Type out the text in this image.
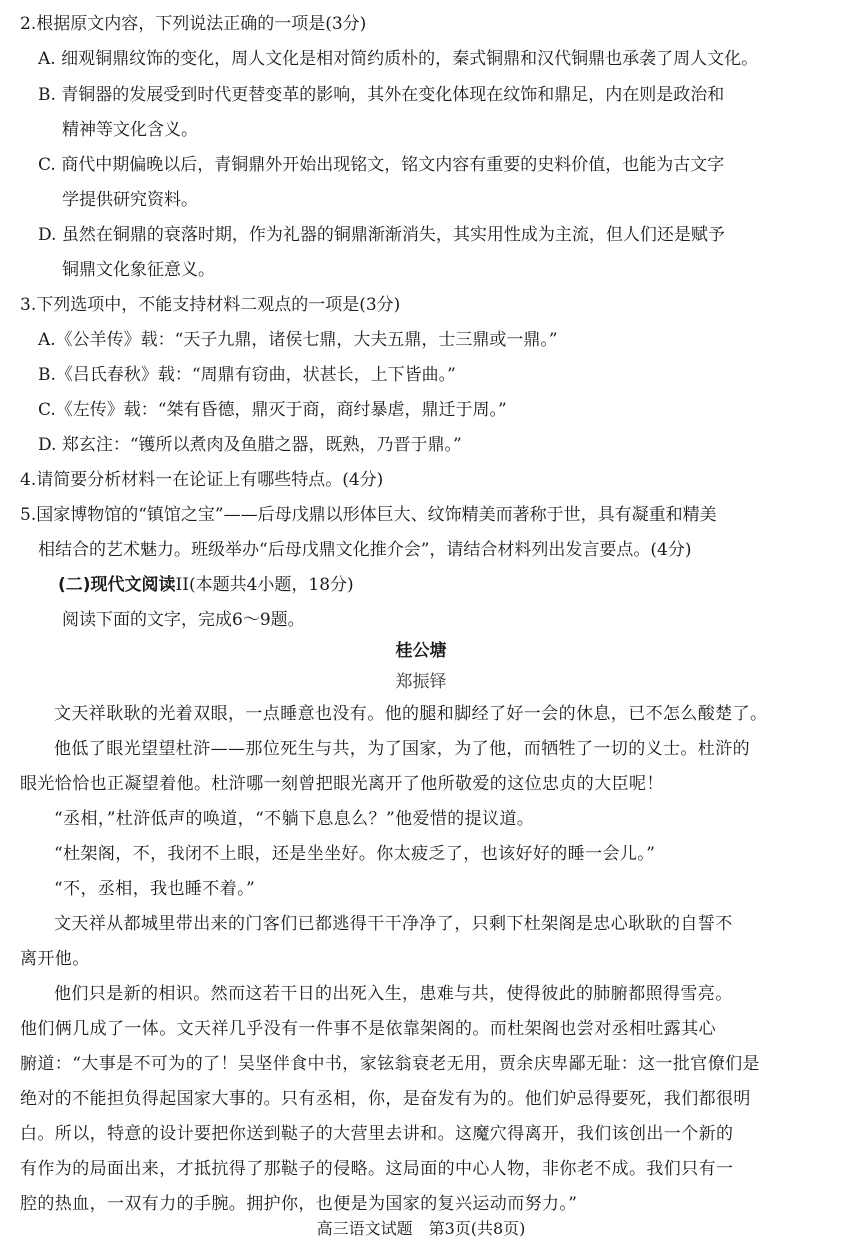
2.根据原文内容，下列说法正确的一项是(3分)
A. 细观铜鼎纹饰的变化，周人文化是相对简约质朴的，秦式铜鼎和汉代铜鼎也承袭了周人文化。
B. 青铜器的发展受到时代更替变革的影响，其外在变化体现在纹饰和鼎足，内在则是政治和
精神等文化含义。
C. 商代中期偏晚以后，青铜鼎外开始出现铭文，铭文内容有重要的史料价值，也能为古文字
学提供研究资料。
D. 虽然在铜鼎的衰落时期，作为礼器的铜鼎渐渐消失，其实用性成为主流，但人们还是赋予
铜鼎文化象征意义。
3.下列选项中，不能支持材料二观点的一项是(3分)
A.《公羊传》载：“天子九鼎，诸侯七鼎，大夫五鼎，士三鼎或一鼎。”
B.《吕氏春秋》载：“周鼎有窃曲，状甚长，上下皆曲。”
C.《左传》载：“桀有昏德，鼎灭于商，商纣暴虐，鼎迁于周。”
D. 郑玄注：“镬所以煮肉及鱼腊之器，既熟，乃晋于鼎。”
4.请简要分析材料一在论证上有哪些特点。(4分)
5.国家博物馆的“镇馆之宝”——后母戊鼎以形体巨大、纹饰精美而著称于世，具有凝重和精美
相结合的艺术魅力。班级举办“后母戊鼎文化推介会”，请结合材料列出发言要点。(4分)
(二)现代文阅读II(本题共4小题，18分)
阅读下面的文字，完成6～9题。
桂公塘
郑振铎
文天祥耿耿的光着双眼，一点睡意也没有。他的腿和脚经了好一会的休息，已不怎么酸楚了。
他低了眼光望望杜浒——那位死生与共，为了国家，为了他，而牺牲了一切的义士。杜浒的
眼光恰恰也正凝望着他。杜浒哪一刻曾把眼光离开了他所敬爱的这位忠贞的大臣呢！
“丞相，”杜浒低声的唤道，“不躺下息息么？”他爱惜的提议道。
“杜架阁，不，我闭不上眼，还是坐坐好。你太疲乏了，也该好好的睡一会儿。”
“不，丞相，我也睡不着。”
文天祥从都城里带出来的门客们已都逃得干干净净了，只剩下杜架阁是忠心耿耿的自誓不
离开他。
他们只是新的相识。然而这若干日的出死入生，患难与共，使得彼此的肺腑都照得雪亮。
他们俩几成了一体。文天祥几乎没有一件事不是依靠架阁的。而杜架阁也尝对丞相吐露其心
腑道：“大事是不可为的了！吴坚伴食中书，家铉翁衰老无用，贾余庆卑鄙无耻：这一批官僚们是
绝对的不能担负得起国家大事的。只有丞相，你，是奋发有为的。他们妒忌得要死，我们都很明
白。所以，特意的设计要把你送到鞑子的大营里去讲和。这魔穴得离开，我们该创出一个新的
有作为的局面出来，才抵抗得了那鞑子的侵略。这局面的中心人物，非你老不成。我们只有一
腔的热血，一双有力的手腕。拥护你，也便是为国家的复兴运动而努力。”
高三语文试题　第3页(共8页)
